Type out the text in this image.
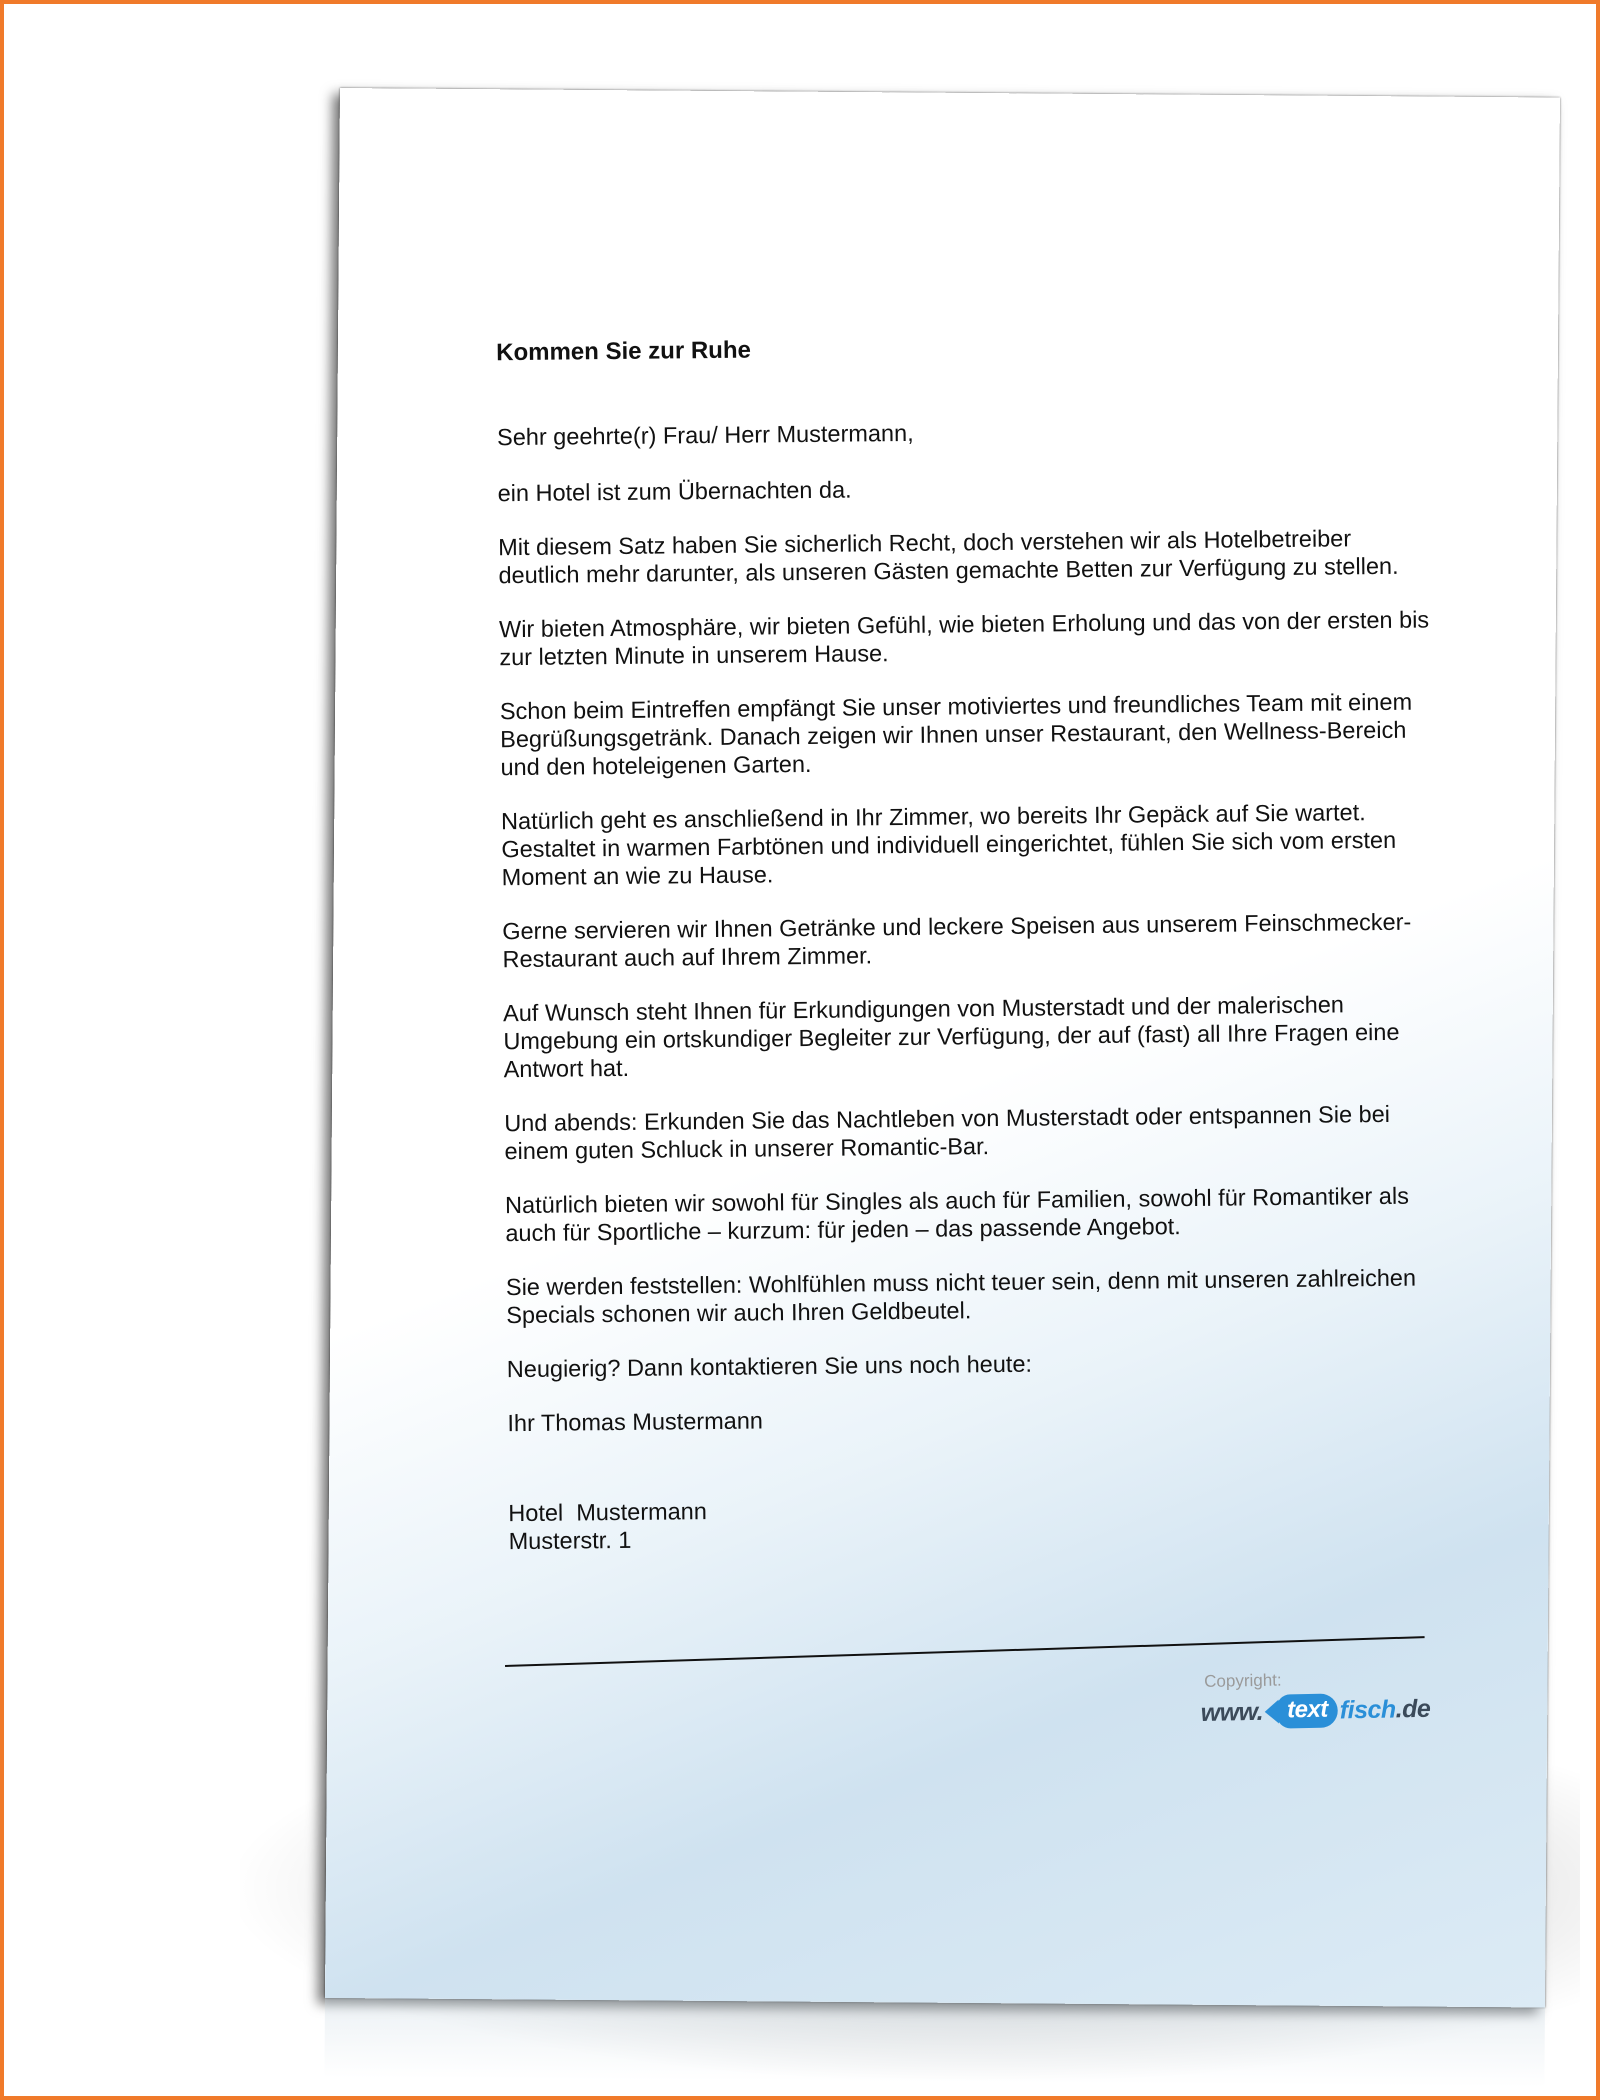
Kommen Sie zur Ruhe
Sehr geehrte(r) Frau/ Herr Mustermann,
ein Hotel ist zum Übernachten da.
Mit diesem Satz haben Sie sicherlich Recht, doch verstehen wir als Hotelbetreiber deutlich mehr darunter, als unseren Gästen gemachte Betten zur Verfügung zu stellen.
Wir bieten Atmosphäre, wir bieten Gefühl, wie bieten Erholung und das von der ersten bis zur letzten Minute in unserem Hause.
Schon beim Eintreffen empfängt Sie unser motiviertes und freundliches Team mit einem Begrüßungsgetränk. Danach zeigen wir Ihnen unser Restaurant, den Wellness-Bereich und den hoteleigenen Garten.
Natürlich geht es anschließend in Ihr Zimmer, wo bereits Ihr Gepäck auf Sie wartet. Gestaltet in warmen Farbtönen und individuell eingerichtet, fühlen Sie sich vom ersten Moment an wie zu Hause.
Gerne servieren wir Ihnen Getränke und leckere Speisen aus unserem Feinschmecker-Restaurant auch auf Ihrem Zimmer.
Auf Wunsch steht Ihnen für Erkundigungen von Musterstadt und der malerischen Umgebung ein ortskundiger Begleiter zur Verfügung, der auf (fast) all Ihre Fragen eine Antwort hat.
Und abends: Erkunden Sie das Nachtleben von Musterstadt oder entspannen Sie bei einem guten Schluck in unserer Romantic-Bar.
Natürlich bieten wir sowohl für Singles als auch für Familien, sowohl für Romantiker als auch für Sportliche – kurzum: für jeden – das passende Angebot.
Sie werden feststellen: Wohlfühlen muss nicht teuer sein, denn mit unseren zahlreichen Specials schonen wir auch Ihren Geldbeutel.
Neugierig? Dann kontaktieren Sie uns noch heute:
Ihr Thomas Mustermann
Hotel  Mustermann
Musterstr. 1
Copyright:
www. text fisch .de
